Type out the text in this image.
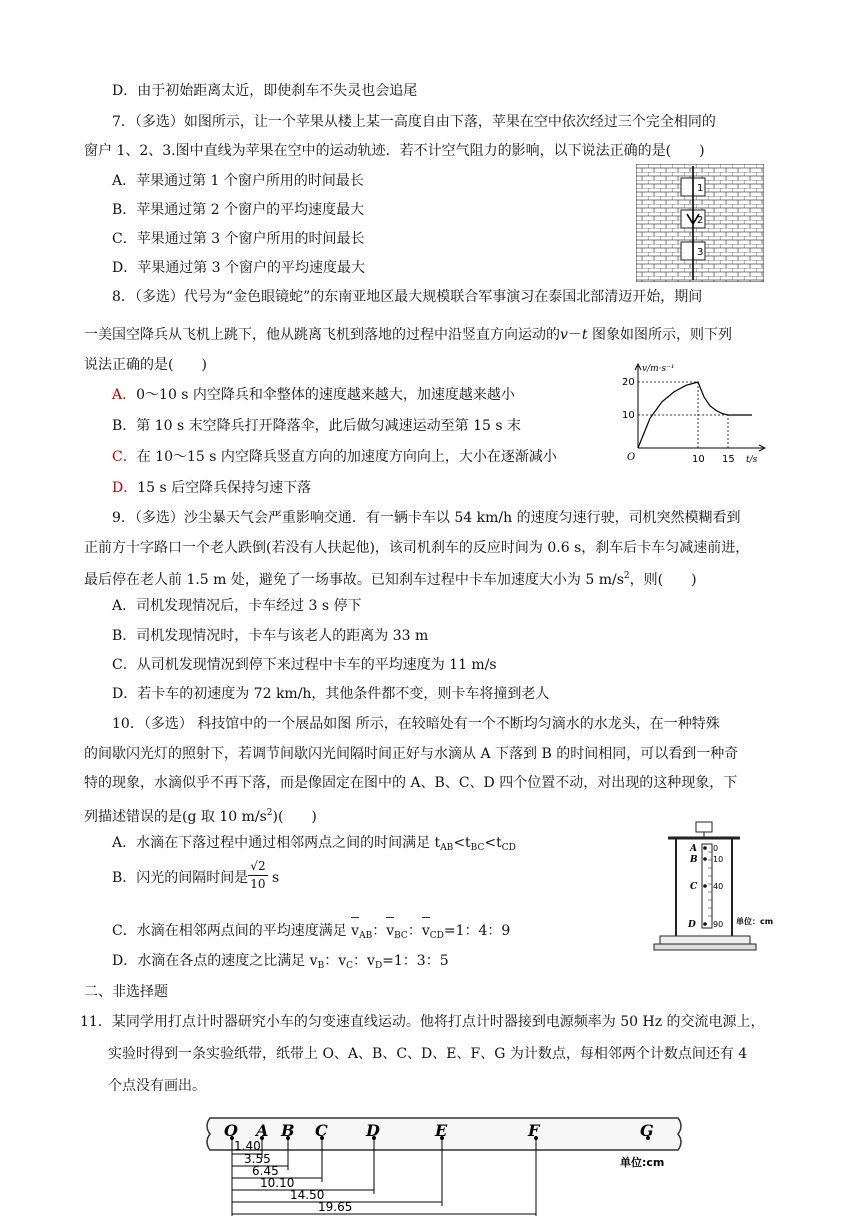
D．由于初始距离太近，即使刹车不失灵也会追尾
7．（多选）如图所示，让一个苹果从楼上某一高度自由下落，苹果在空中依次经过三个完全相同的
窗户 1、2、3.图中直线为苹果在空中的运动轨迹．若不计空气阻力的影响，以下说法正确的是(　　)
A．苹果通过第 1 个窗户所用的时间最长
B．苹果通过第 2 个窗户的平均速度最大
C．苹果通过第 3 个窗户所用的时间最长
D．苹果通过第 3 个窗户的平均速度最大
1
2
3
8．（多选）代号为“金色眼镜蛇”的东南亚地区最大规模联合军事演习在泰国北部清迈开始，期间
一美国空降兵从飞机上跳下，他从跳离飞机到落地的过程中沿竖直方向运动的v－t 图象如图所示，则下列
说法正确的是(　　)
A．0～10 s 内空降兵和伞整体的速度越来越大，加速度越来越小
B．第 10 s 末空降兵打开降落伞，此后做匀减速运动至第 15 s 末
C．在 10～15 s 内空降兵竖直方向的加速度方向向上，大小在逐渐减小
D．15 s 后空降兵保持匀速下落
v/m·s⁻¹
t/s
O
20
10
10 15
9．（多选）沙尘暴天气会严重影响交通．有一辆卡车以 54 km/h 的速度匀速行驶，司机突然模糊看到
正前方十字路口一个老人跌倒(若没有人扶起他)，该司机刹车的反应时间为 0.6 s，刹车后卡车匀减速前进，
最后停在老人前 1.5 m 处，避免了一场事故。已知刹车过程中卡车加速度大小为 5 $m/s^2$，则(　　)
A．司机发现情况后，卡车经过 3 s 停下
B．司机发现情况时，卡车与该老人的距离为 33 m
C．从司机发现情况到停下来过程中卡车的平均速度为 11 m/s
D．若卡车的初速度为 72 km/h，其他条件都不变，则卡车将撞到老人
10．（多选） 科技馆中的一个展品如图 所示，在较暗处有一个不断均匀滴水的水龙头，在一种特殊
的间歇闪光灯的照射下，若调节间歇闪光间隔时间正好与水滴从 A 下落到 B 的时间相同，可以看到一种奇
特的现象，水滴似乎不再下落，而是像固定在图中的 A、B、C、D 四个位置不动，对出现的这种现象，下
列描述错误的是(g 取 10 $m/s^2$)(　　)
A．水滴在下落过程中通过相邻两点之间的时间满足 $t_{AB}<t_{BC}<t_{CD}$
B．闪光的间隔时间是 $\frac{√2}{10}$ s
C．水滴在相邻两点间的平均速度满足 $v_{AB}$：$v_{BC}$：$v_{CD}=1$：4：9
D．水滴在各点的速度之比满足 $v_B$：$v_C$：$v_D=1$：3：5
A
B
C
D
0
10
40
90 单位：cm
二、非选择题
11．某同学用打点计时器研究小车的匀变速直线运动。他将打点计时器接到电源频率为 50 Hz 的交流电源上，
实验时得到一条实验纸带，纸带上 O、A、B、C、D、E、F、G 为计数点，每相邻两个计数点间还有 4
个点没有画出。
O A B C D	E	F	G
单位:cm
1.40
3.55
6.45
10.10
14.50
19.65
